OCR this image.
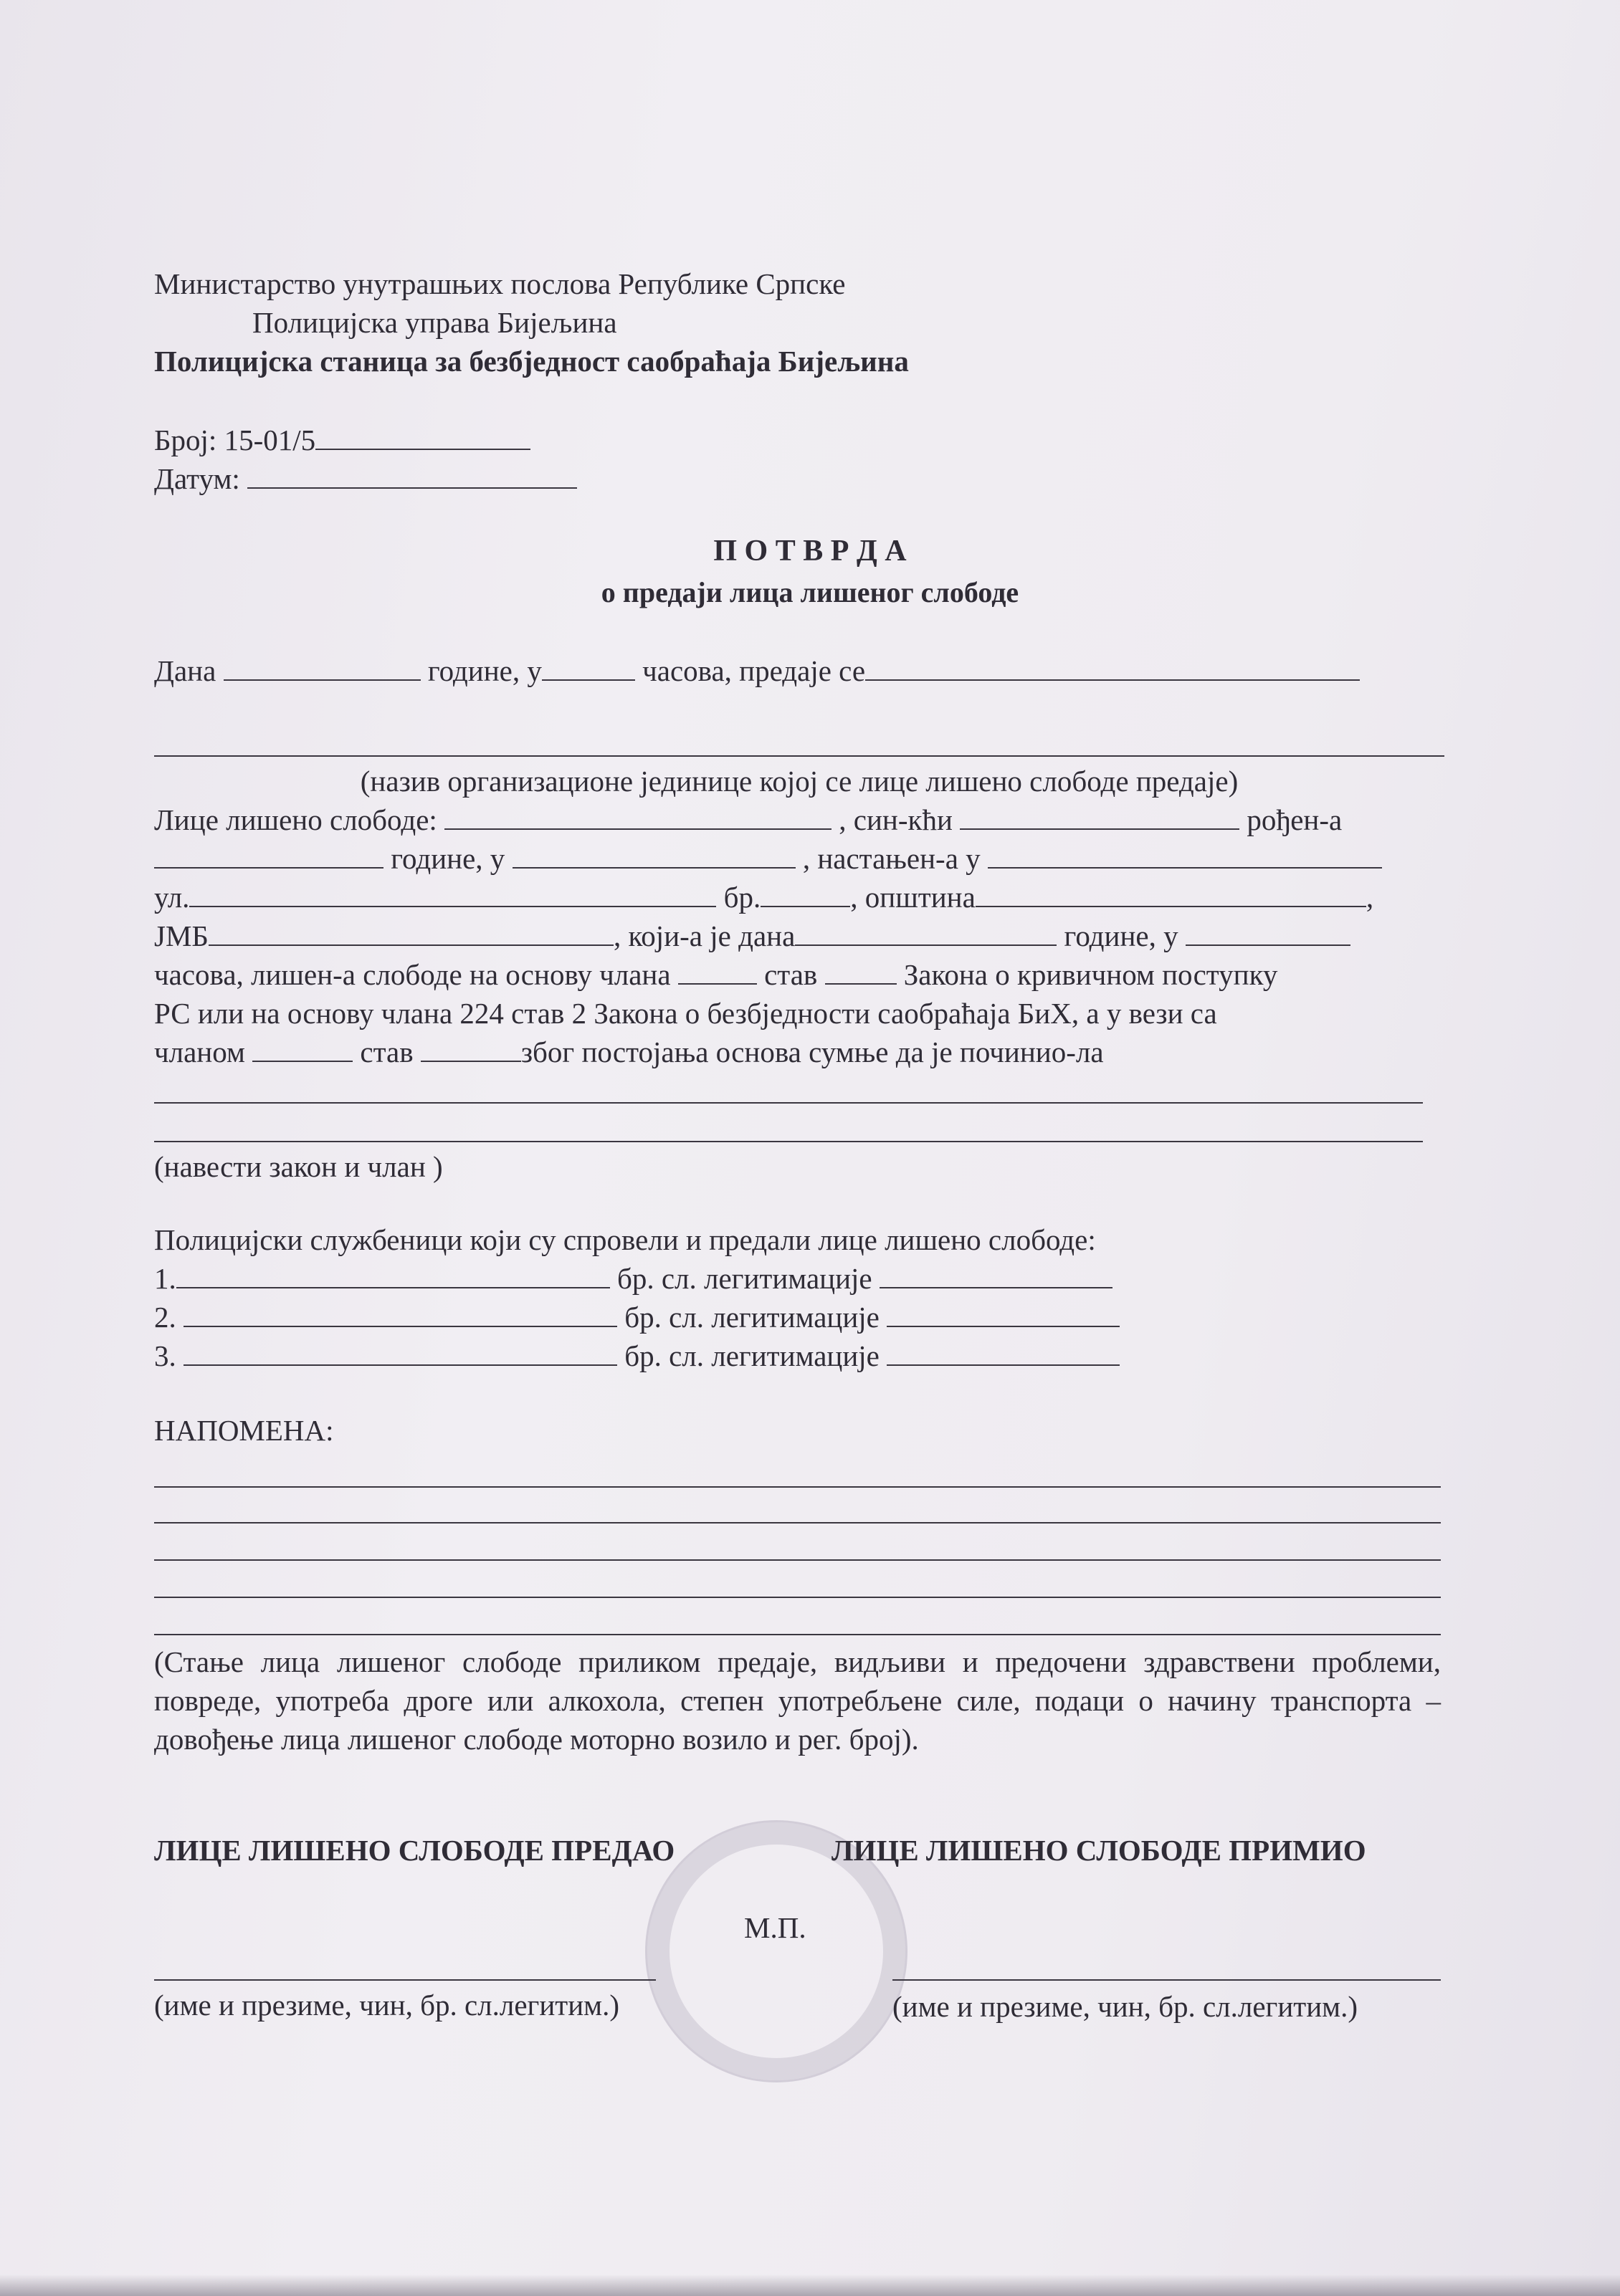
Министарство унутрашњих послова Републике Српске
Полицијска управа Бијељина
Полицијска станица за безбједност саобраћаја Бијељина
Број: 15-01/5
Датум:
П О Т В Р Д А
о предаји лица лишеног слободе
Дана	године, у	часова, предаје се
(назив организационе јединице којој се лице лишено слободе предаје)
Лице лишено слободе:	, син-кћи	рођен-а
године, у	, настањен-а у
ул.	бр.	, општина	,
ЈМБ	, који-а је дана	године, у
часова, лишен-а слободе на основу члана	став	Закона о кривичном поступку
РС или на основу члана 224 став 2 Закона о безбједности саобраћаја БиХ, а у вези са
чланом	став	због постојања основа сумње да је починио-ла
(навести закон и члан )
Полицијски службеници који су спровели и предали лице лишено слободе:
1.	бр. сл. легитимације
2.	бр. сл. легитимације
3.	бр. сл. легитимације
НАПОМЕНА:
(Стање лица лишеног слободе приликом предаје, видљиви и предочени здравствени проблеми, повреде, употреба дроге или алкохола, степен употребљене силе, подаци о начину транспорта – довођење лица лишеног слободе моторно возило и рег. број).
ЛИЦЕ ЛИШЕНО СЛОБОДЕ ПРЕДАО	ЛИЦЕ ЛИШЕНО СЛОБОДЕ ПРИМИО
М.П.
(име и презиме, чин, бр. сл.легитим.)	(име и презиме, чин, бр. сл.легитим.)
